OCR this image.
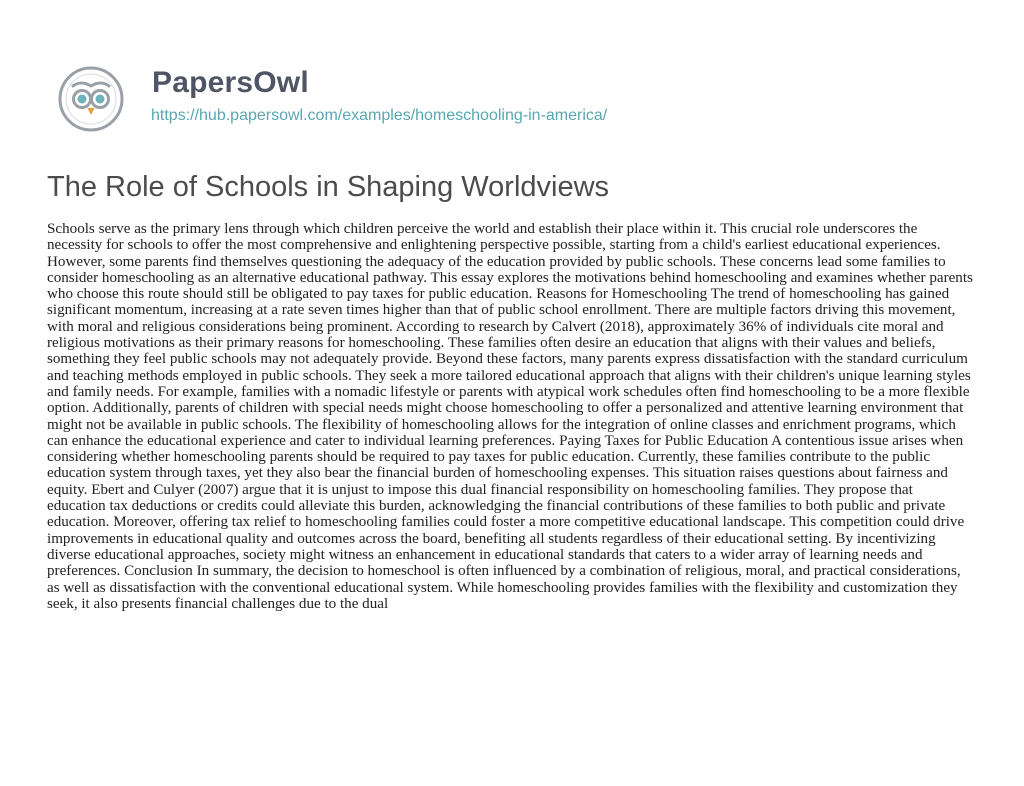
PapersOwl
https://hub.papersowl.com/examples/homeschooling-in-america/
The Role of Schools in Shaping Worldviews

Schools serve as the primary lens through which children perceive the world and establish their place within it. This crucial role underscores the necessity for schools to offer the most comprehensive and enlightening perspective possible, starting from a child's earliest educational experiences. However, some parents find themselves questioning the adequacy of the education provided by public schools. These concerns lead some families to consider homeschooling as an alternative educational pathway. This essay explores the motivations behind homeschooling and examines whether parents who choose this route should still be obligated to pay taxes for public education. Reasons for Homeschooling The trend of homeschooling has gained significant momentum, increasing at a rate seven times higher than that of public school enrollment. There are multiple factors driving this movement, with moral and religious considerations being prominent. According to research by Calvert (2018), approximately 36% of individuals cite moral and religious motivations as their primary reasons for homeschooling. These families often desire an education that aligns with their values and beliefs, something they feel public schools may not adequately provide. Beyond these factors, many parents express dissatisfaction with the standard curriculum and teaching methods employed in public schools. They seek a more tailored educational approach that aligns with their children's unique learning styles and family needs. For example, families with a nomadic lifestyle or parents with atypical work schedules often find homeschooling to be a more flexible option. Additionally, parents of children with special needs might choose homeschooling to offer a personalized and attentive learning environment that might not be available in public schools. The flexibility of homeschooling allows for the integration of online classes and enrichment programs, which can enhance the educational experience and cater to individual learning preferences. Paying Taxes for Public Education A contentious issue arises when considering whether homeschooling parents should be required to pay taxes for public education. Currently, these families contribute to the public education system through taxes, yet they also bear the financial burden of homeschooling expenses. This situation raises questions about fairness and equity. Ebert and Culyer (2007) argue that it is unjust to impose this dual financial responsibility on homeschooling families. They propose that education tax deductions or credits could alleviate this burden, acknowledging the financial contributions of these families to both public and private education. Moreover, offering tax relief to homeschooling families could foster a more competitive educational landscape. This competition could drive improvements in educational quality and outcomes across the board, benefiting all students regardless of their educational setting. By incentivizing diverse educational approaches, society might witness an enhancement in educational standards that caters to a wider array of learning needs and preferences. Conclusion In summary, the decision to homeschool is often influenced by a combination of religious, moral, and practical considerations, as well as dissatisfaction with the conventional educational system. While homeschooling provides families with the flexibility and customization they seek, it also presents financial challenges due to the dual
